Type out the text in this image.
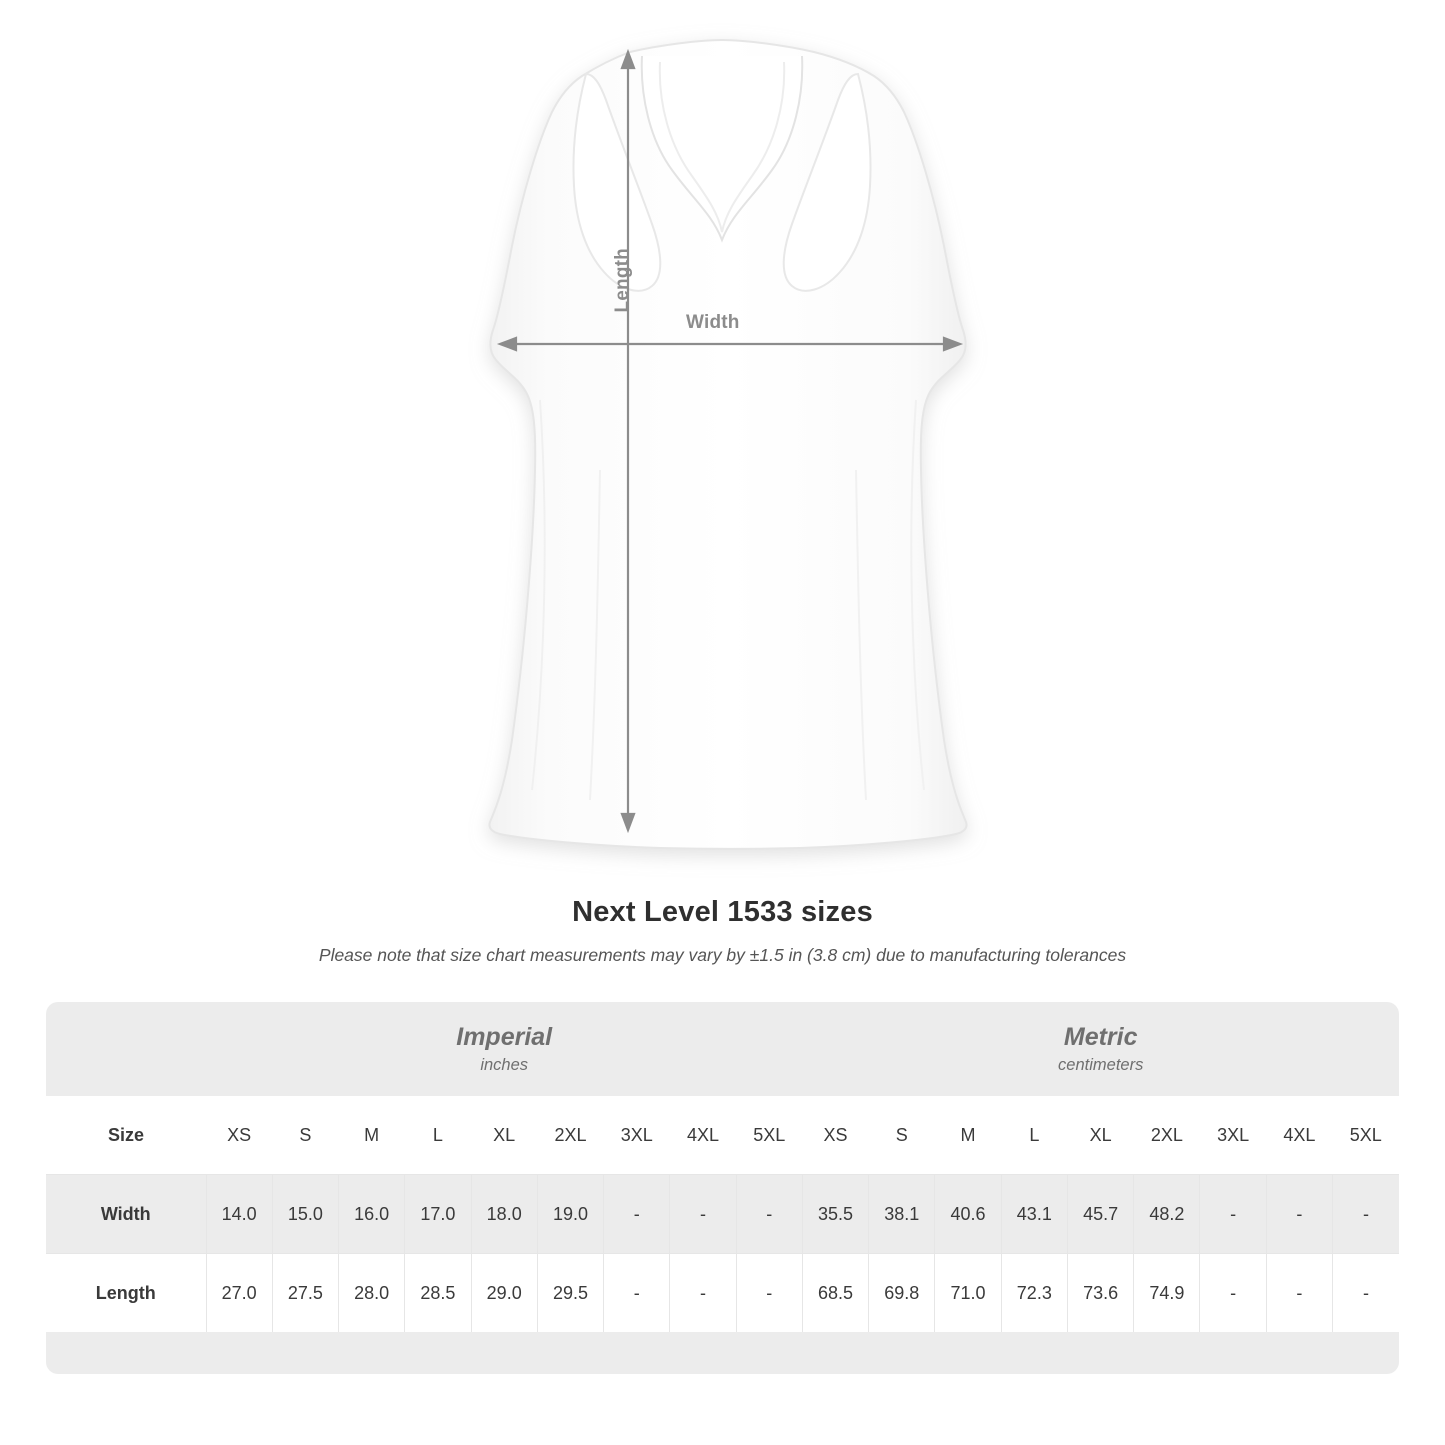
Width
Length
Next Level 1533 sizes

Please note that size chart measurements may vary by ±1.5 in (3.8 cm) due to manufacturing tolerances

	Imperial
inches									Metric
centimeters								

Size	XS	S	M	L	XL	2XL	3XL	4XL	5XL	XS	S	M	L	XL	2XL	3XL	4XL	5XL
Width	14.0	15.0	16.0	17.0	18.0	19.0	-	-	-	35.5	38.1	40.6	43.1	45.7	48.2	-	-	-
Length	27.0	27.5	28.0	28.5	29.0	29.5	-	-	-	68.5	69.8	71.0	72.3	73.6	74.9	-	-	-
